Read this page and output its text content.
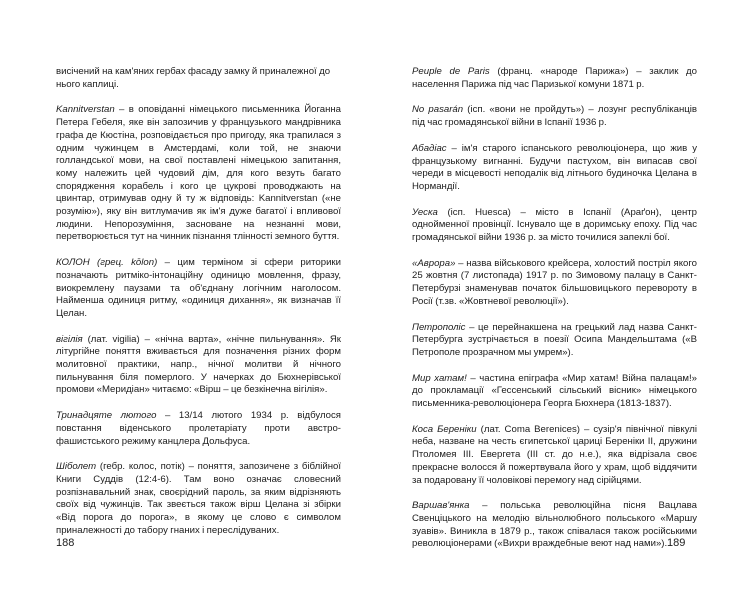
висічений на кам'яних гербах фасаду замку й приналежної до нього каплиці.

Kannitverstan – в оповіданні німецького письменника Йоганна Петера Гебеля, яке він запозичив у французького мандрівника графа де Кюстіна, розповідається про пригоду, яка трапилася з одним чужинцем в Амстердамі, коли той, не знаючи голландської мови, на свої поставлені німецькою запитання, кому належить цей чудовий дім, для кого везуть багато спорядження корабель і кого це цукрові проводжають на цвинтар, отримував одну й ту ж відповідь: Kannitverstan («не розумію»), яку він витлумачив як ім'я дуже багатої і впливової людини. Непорозуміння, засноване на незнанні мови, перетворюється тут на чинник пізнання тлінності земного буття.

КОЛОН (грец. kōlon) – цим терміном зі сфери риторики позначають ритміко-інтонаційну одиницю мовлення, фразу, виокремлену паузами та об'єднану логічним наголосом. Найменша одиниця ритму, «одиниця дихання», як визначав її Целан.

вігілія (лат. vigilia) – «нічна варта», «нічне пильнування». Як літургійне поняття вживається для позначення різних форм молитовної практики, напр., нічної молитви й нічного пильнування біля померлого. У начерках до Бюхнерівської промови «Меридіан» читаємо: «Вірш – це безкінечна вігілія».

Тринадцяте лютого – 13/14 лютого 1934 р. відбулося повстання віденського пролетаріату проти австро-фашистського режиму канцлера Дольфуса.

Шіболет (гебр. колос, потік) – поняття, запозичене з біблійної Книги Суддів (12:4-6). Там воно означає словесний розпізнавальний знак, своєрідний пароль, за яким відрізняють своїх від чужинців. Так звеється також вірш Целана зі збірки «Від порога до порога», в якому це слово є символом приналежності до табору гнаних і переслідуваних.

Peuple de Paris (франц. «народе Парижа») – заклик до населення Парижа під час Паризької комуни 1871 р.

No pasarán (ісп. «вони не пройдуть») – лозунг республіканців під час громадянської війни в Іспанії 1936 р.

Абадіас – ім'я старого іспанського революціонера, що жив у французькому вигнанні. Будучи пастухом, він випасав свої череди в місцевості неподалік від літнього будиночка Целана в Нормандії.

Уеска (ісп. Huesca) – місто в Іспанії (Араґон), центр однойменної провінції. Існувало ще в доримську епоху. Під час громадянської війни 1936 р. за місто точилися запеклі бої.

«Аврора» – назва військового крейсера, холостий постріл якого 25 жовтня (7 листопада) 1917 р. по Зимовому палацу в Санкт-Петербурзі знаменував початок більшовицького перевороту в Росії (т.зв. «Жовтневої революції»).

Петрополіс – це перейнакшена на грецький лад назва Санкт-Петербурга зустрічається в поезії Осипа Мандельштама («В Петрополе прозрачном мы умрем»).

Мир хатам! – частина епіграфа «Мир хатам! Війна палацам!» до прокламації «Гессенський сільський вісник» німецького письменника-революціонера Георга Бюхнера (1813-1837).

Коса Береніки (лат. Coma Berenices) – сузір'я північної півкулі неба, назване на честь єгипетської цариці Береніки II, дружини Птоломея III. Евергета (III ст. до н.е.), яка відрізала своє прекрасне волосся й пожертвувала його у храм, щоб віддячити за подаровану її чоловікові перемогу над сірійцями.

Варшав'янка – польська революційна пісня Вацлава Свенціцького на мелодію вільнолюбного польського «Маршу зуавів». Виникла в 1879 р., також співалася також російськими революціонерами («Вихри враждебные веют над нами»).

188	189
